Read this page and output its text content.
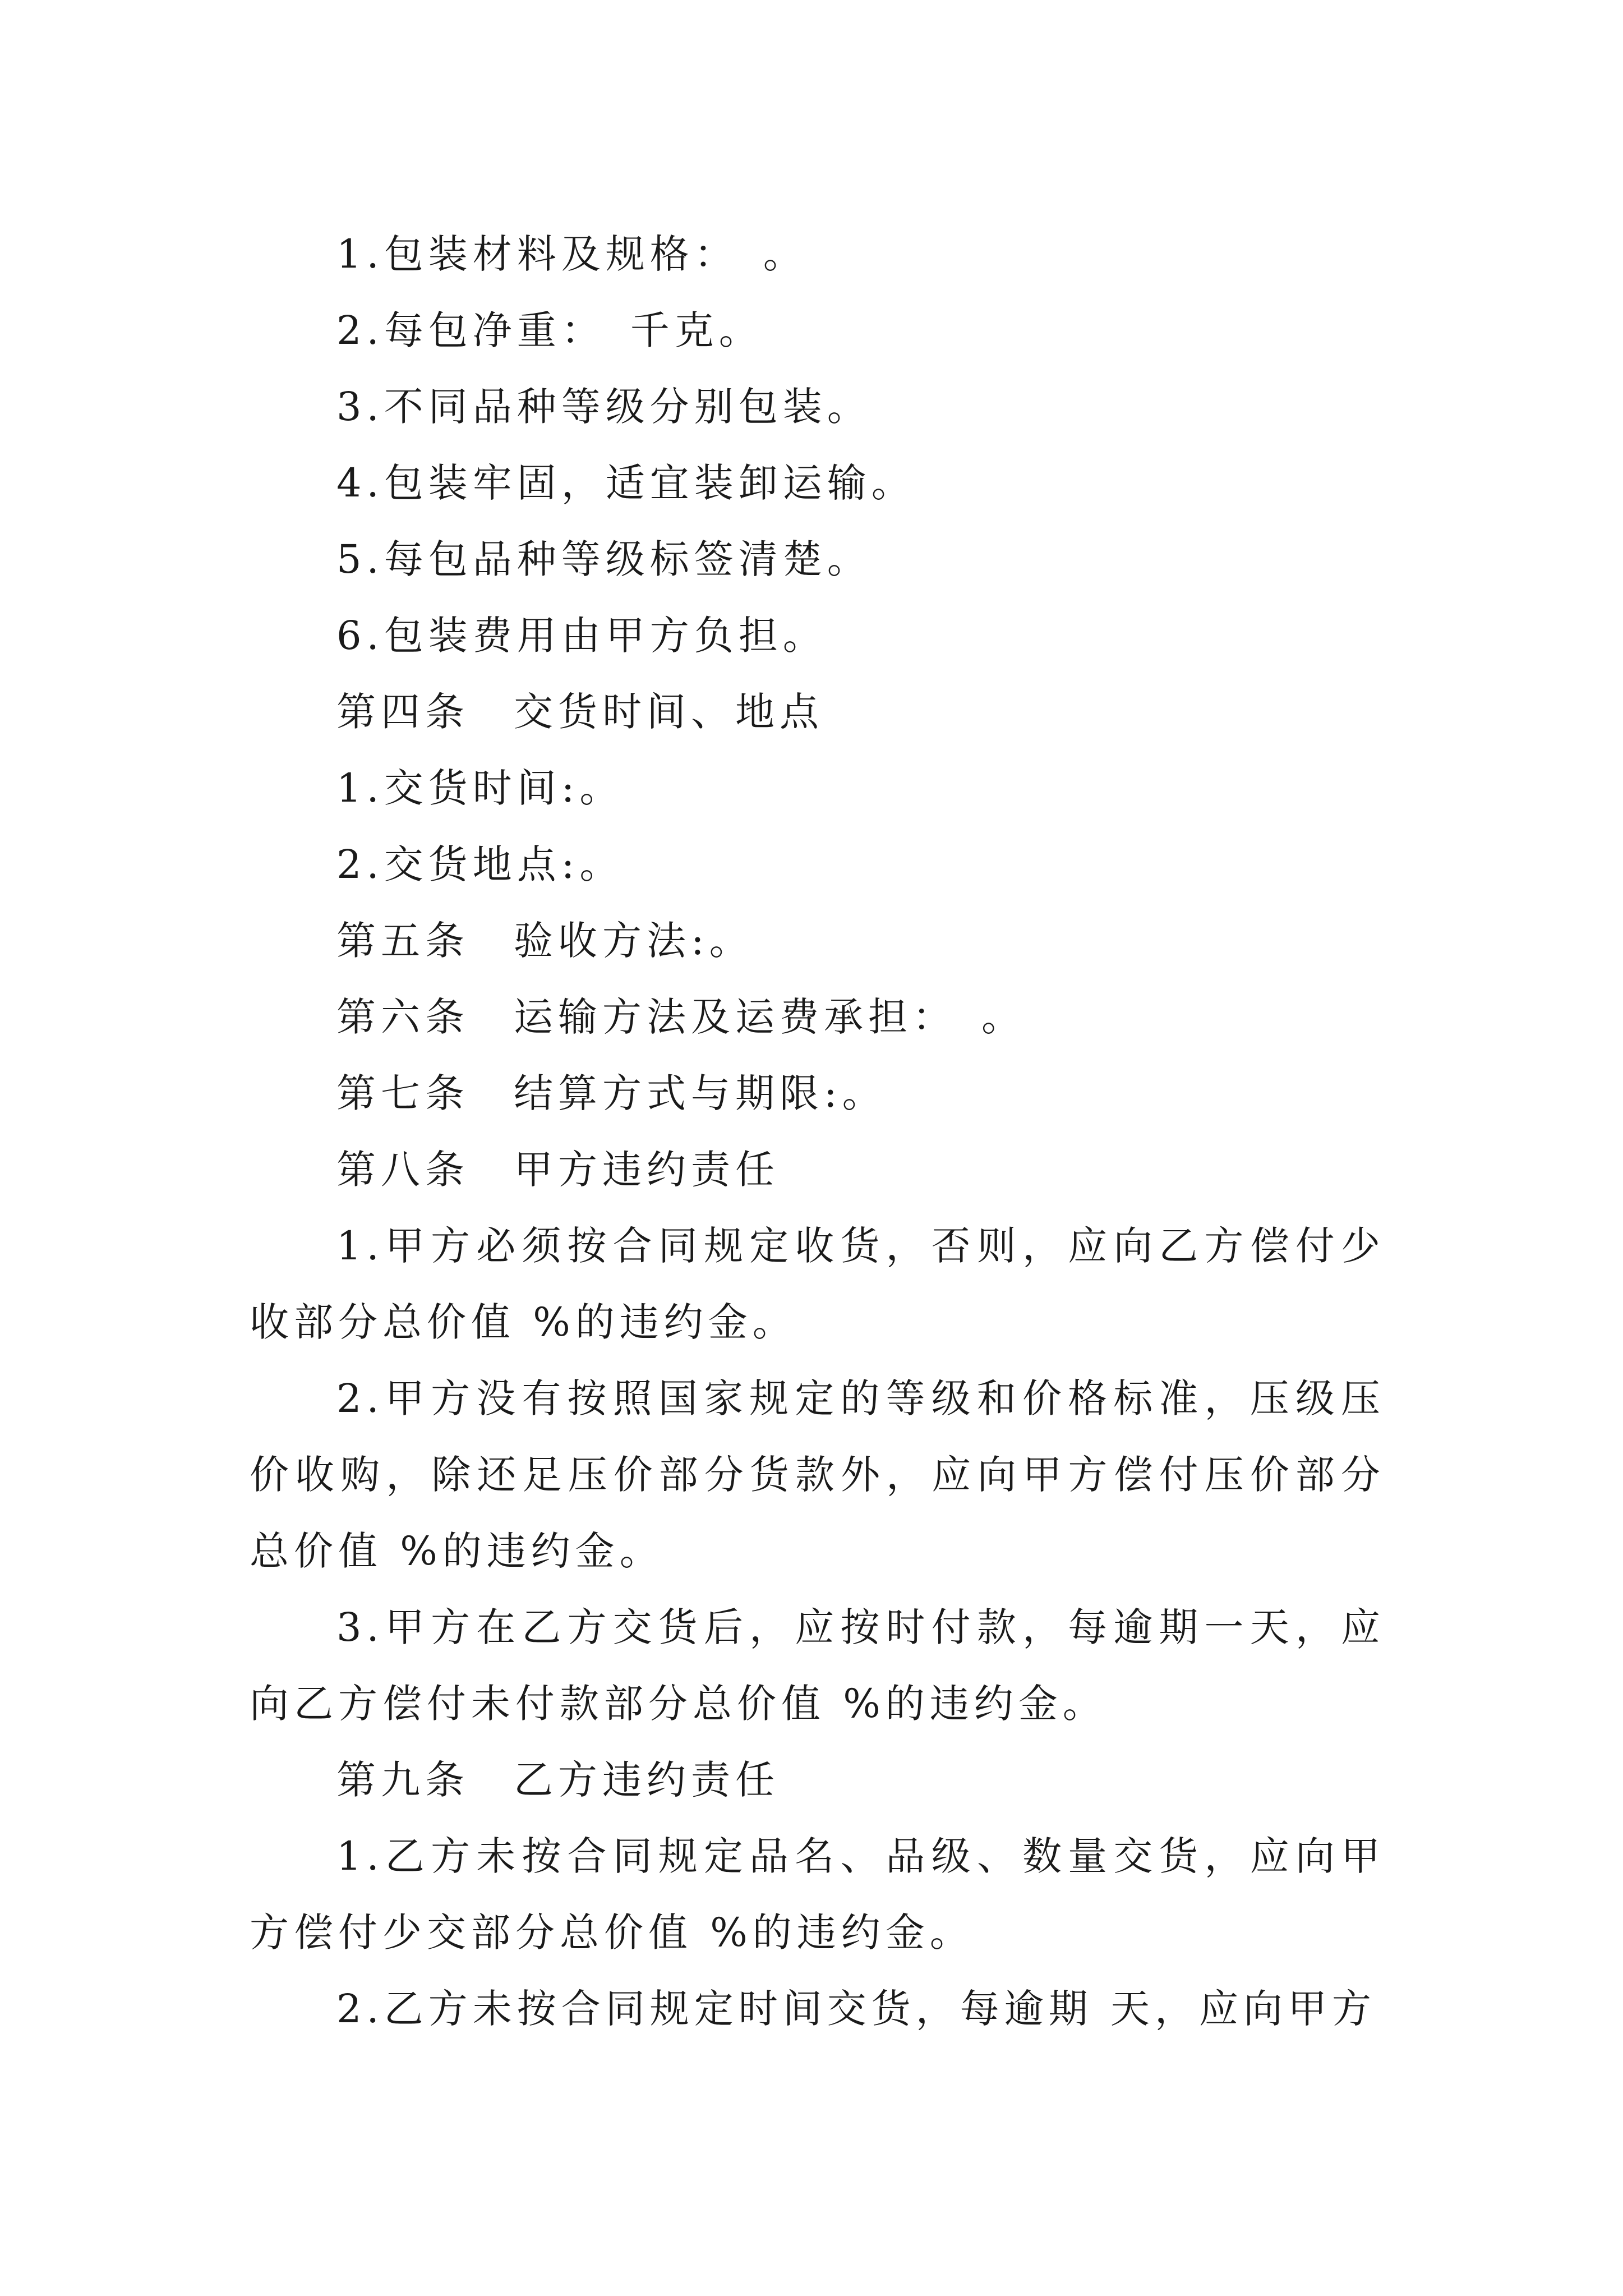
1.包装材料及规格：　。

2.每包净重：　千克。

3.不同品种等级分别包装。

4.包装牢固，适宜装卸运输。

5.每包品种等级标签清楚。

6.包装费用由甲方负担。

第四条　交货时间、地点

1.交货时间:。

2.交货地点:。

第五条　验收方法:。

第六条　运输方法及运费承担：　。

第七条　结算方式与期限:。

第八条　甲方违约责任

1.甲方必须按合同规定收货，否则，应向乙方偿付少收部分总价值 %的违约金。

2.甲方没有按照国家规定的等级和价格标准，压级压价收购，除还足压价部分货款外，应向甲方偿付压价部分总价值 %的违约金。

3.甲方在乙方交货后，应按时付款，每逾期一天，应向乙方偿付未付款部分总价值 %的违约金。

第九条　乙方违约责任

1.乙方未按合同规定品名、品级、数量交货，应向甲方偿付少交部分总价值 %的违约金。

2.乙方未按合同规定时间交货，每逾期 天，应向甲方
